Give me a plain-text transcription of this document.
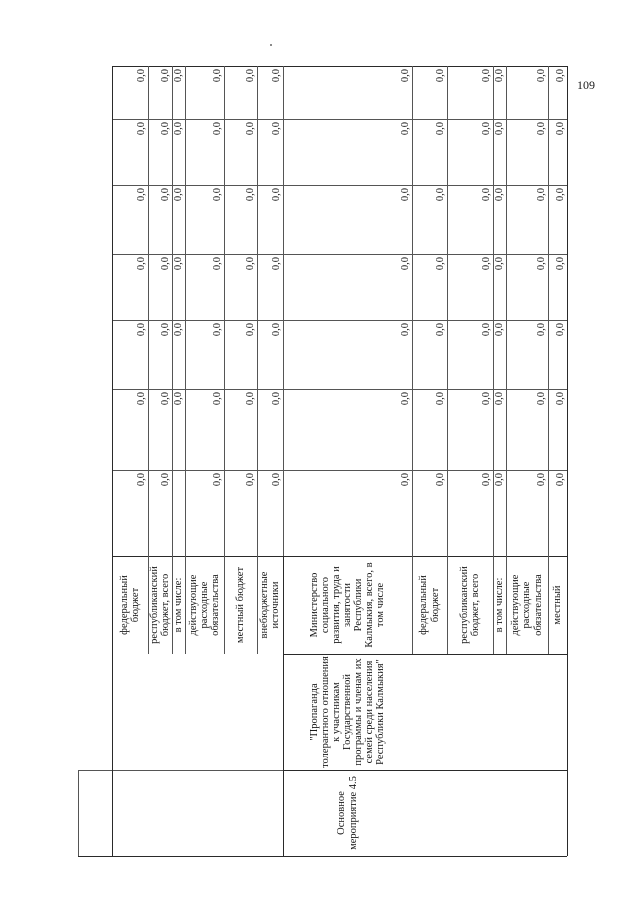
109
Основное мероприятие 4.5
"Пропаганда толерантного отношения к участникам Государственной программы и членам их семей среди населения Республики Калмыкия"
федеральный бюджет
0,0
0,0
0,0
0,0
0,0
0,0
0,0
республиканский бюджет, всего
0,0
0,0
0,0
0,0
0,0
0,0
0,0
в том числе:
0,0
0,0
0,0
0,0
0,0
0,0
действующие расходные обязательства
0,0
0,0
0,0
0,0
0,0
0,0
0,0
местный бюджет
0,0
0,0
0,0
0,0
0,0
0,0
0,0
внебюджетные источники
0,0
0,0
0,0
0,0
0,0
0,0
0,0
Министерство социального развития, труда и занятости Республики Калмыкия, всего, в том числе
0,0
0,0
0,0
0,0
0,0
0,0
0,0
федеральный бюджет
0,0
0,0
0,0
0,0
0,0
0,0
0,0
республиканский бюджет, всего
0,0
0,0
0,0
0,0
0,0
0,0
0,0
в том числе:
0,0
0,0
0,0
0,0
0,0
0,0
0,0
действующие расходные обязательства
0,0
0,0
0,0
0,0
0,0
0,0
0,0
местный
0,0
0,0
0,0
0,0
0,0
0,0
0,0
